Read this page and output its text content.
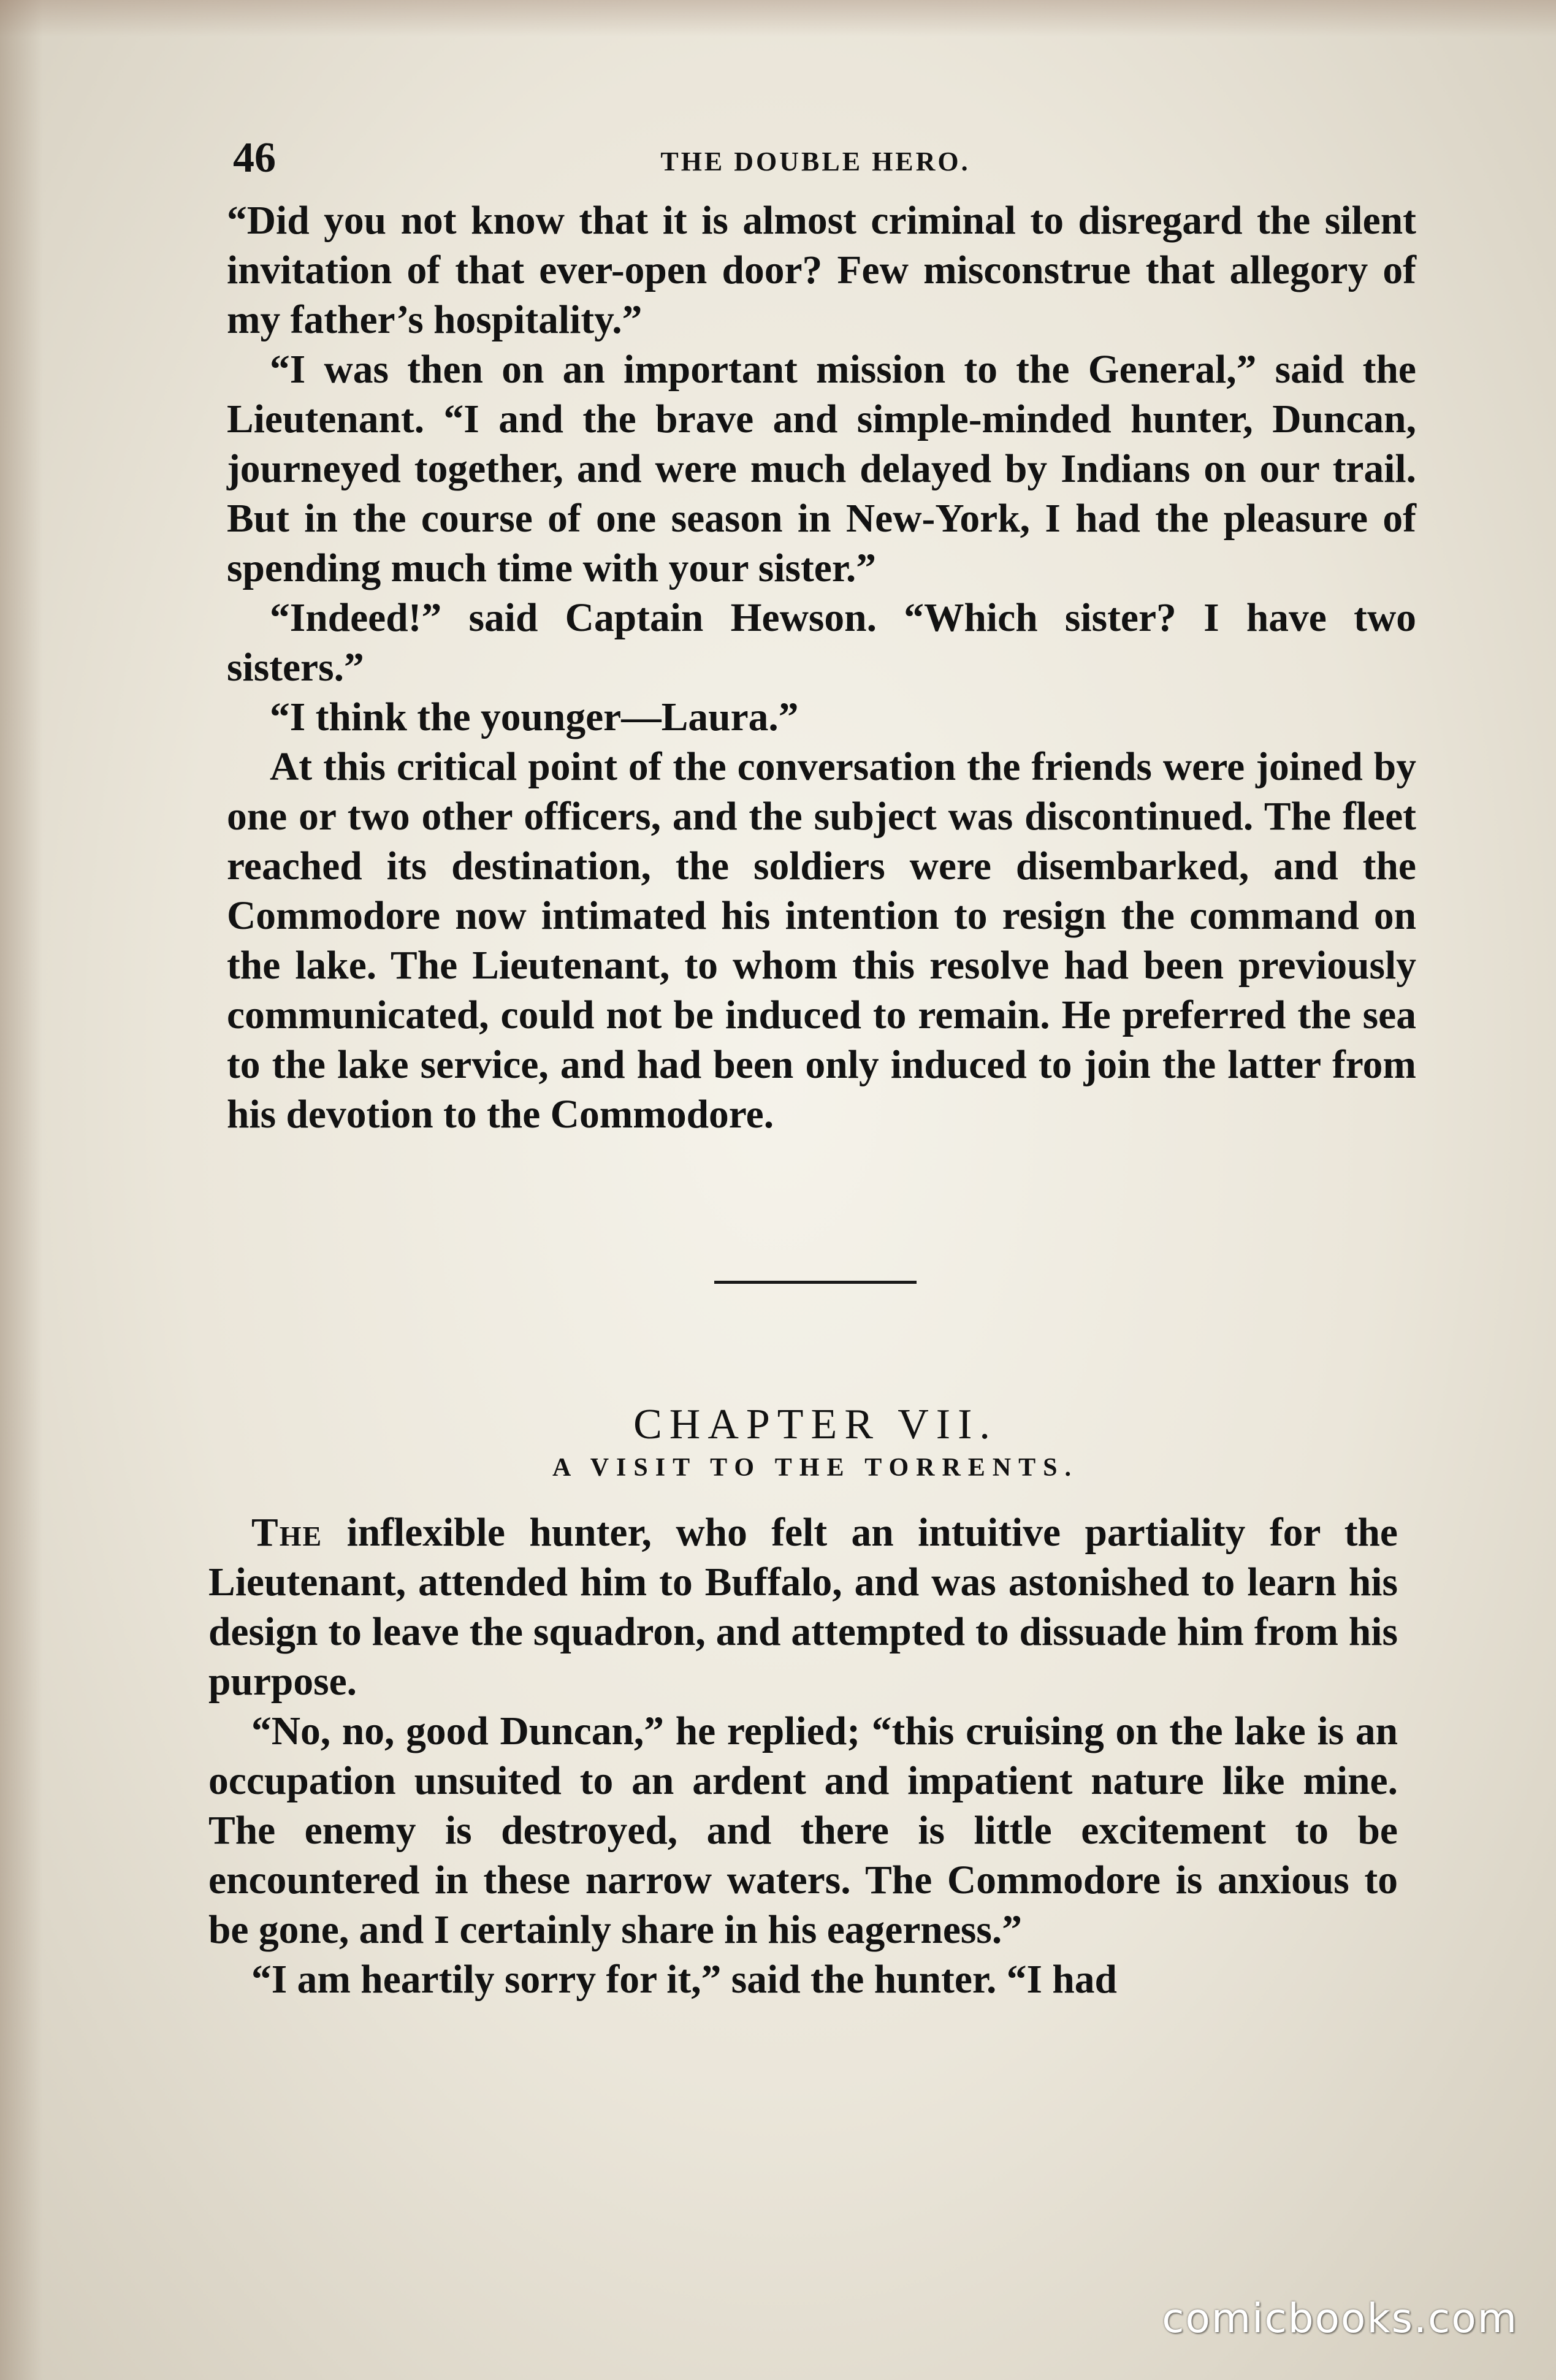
46	THE DOUBLE HERO.

“Did you not know that it is almost criminal to disregard the silent invitation of that ever-open door? Few misconstrue that allegory of my father’s hospitality.”

“I was then on an important mission to the General,” said the Lieutenant. “I and the brave and simple-minded hunter, Duncan, journeyed together, and were much delayed by Indians on our trail. But in the course of one season in New-York, I had the pleasure of spending much time with your sister.”

“Indeed!” said Captain Hewson. “Which sister? I have two sisters.”

“I think the younger—Laura.”

At this critical point of the conversation the friends were joined by one or two other officers, and the subject was discontinued. The fleet reached its destination, the soldiers were disembarked, and the Commodore now intimated his intention to resign the command on the lake. The Lieutenant, to whom this resolve had been previously communicated, could not be induced to remain. He preferred the sea to the lake service, and had been only induced to join the latter from his devotion to the Commodore.

CHAPTER VII.
A VISIT TO THE TORRENTS.

The inflexible hunter, who felt an intuitive partiality for the Lieutenant, attended him to Buffalo, and was astonished to learn his design to leave the squadron, and attempted to dissuade him from his purpose.

“No, no, good Duncan,” he replied; “this cruising on the lake is an occupation unsuited to an ardent and impatient nature like mine. The enemy is destroyed, and there is little excitement to be encountered in these narrow waters. The Commodore is anxious to be gone, and I certainly share in his eagerness.”

“I am heartily sorry for it,” said the hunter. “I had

comicbooks.com
